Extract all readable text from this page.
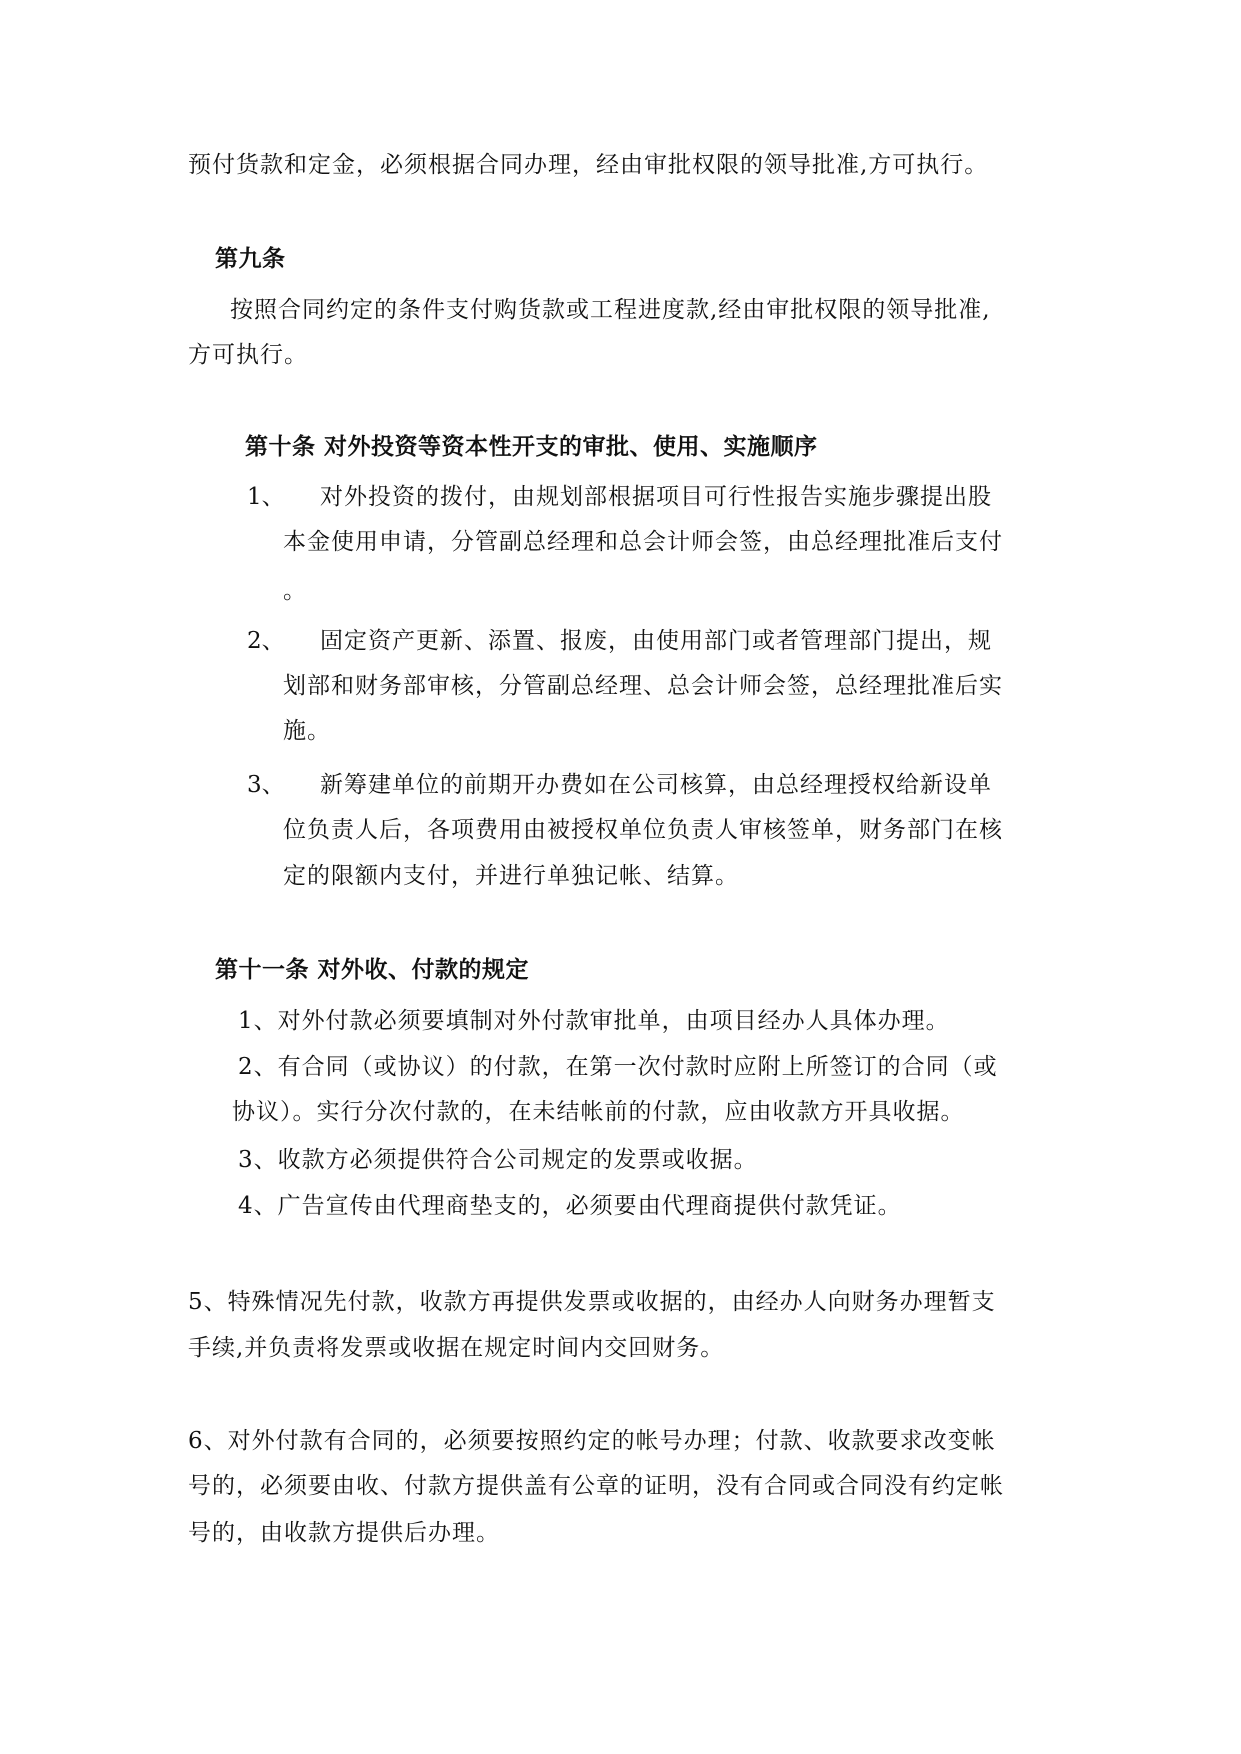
预付货款和定金，必须根据合同办理，经由审批权限的领导批准,方可执行。
第九条
按照合同约定的条件支付购货款或工程进度款,经由审批权限的领导批准,
方可执行。
第十条 对外投资等资本性开支的审批、使用、实施顺序
1、 对外投资的拨付，由规划部根据项目可行性报告实施步骤提出股
本金使用申请，分管副总经理和总会计师会签，由总经理批准后支付
。
2、 固定资产更新、添置、报废，由使用部门或者管理部门提出，规
划部和财务部审核，分管副总经理、总会计师会签，总经理批准后实
施。
3、 新筹建单位的前期开办费如在公司核算，由总经理授权给新设单
位负责人后，各项费用由被授权单位负责人审核签单，财务部门在核
定的限额内支付，并进行单独记帐、结算。
第十一条 对外收、付款的规定
1、对外付款必须要填制对外付款审批单，由项目经办人具体办理。
2、有合同（或协议）的付款，在第一次付款时应附上所签订的合同（或
协议）。实行分次付款的，在未结帐前的付款，应由收款方开具收据。
3、收款方必须提供符合公司规定的发票或收据。
4、广告宣传由代理商垫支的，必须要由代理商提供付款凭证。
5、特殊情况先付款，收款方再提供发票或收据的，由经办人向财务办理暂支
手续,并负责将发票或收据在规定时间内交回财务。
6、对外付款有合同的，必须要按照约定的帐号办理；付款、收款要求改变帐
号的，必须要由收、付款方提供盖有公章的证明，没有合同或合同没有约定帐
号的，由收款方提供后办理。
